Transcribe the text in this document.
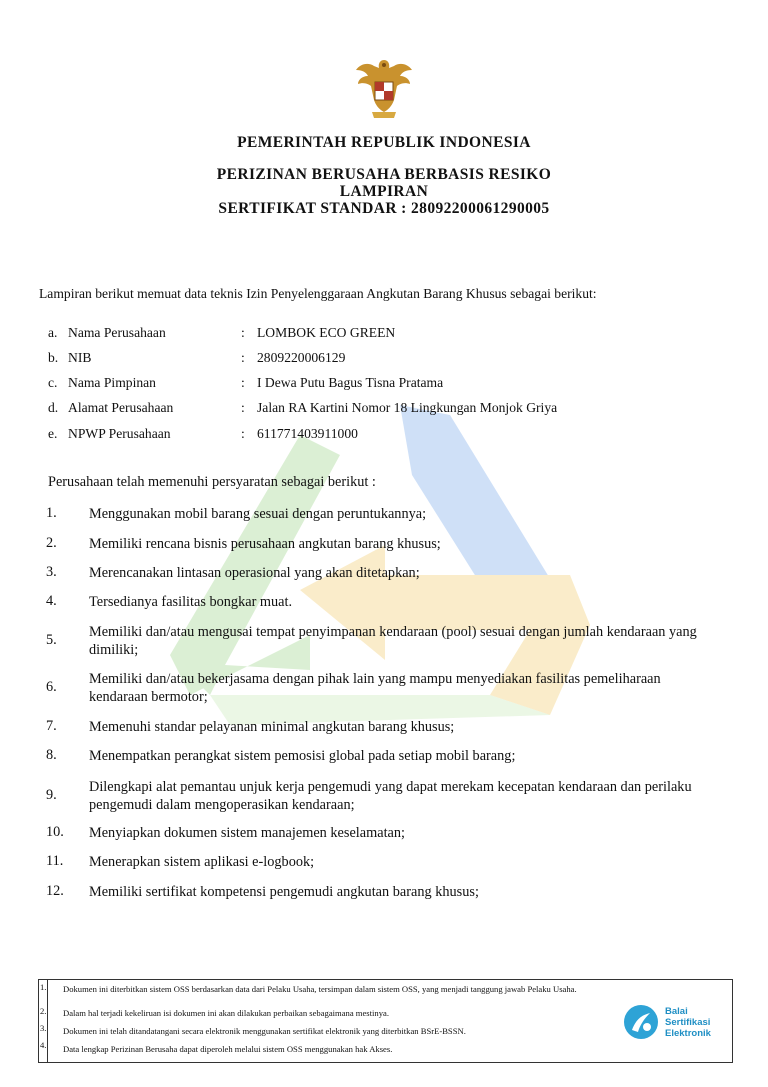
PEMERINTAH REPUBLIK INDONESIA
PERIZINAN BERUSAHA BERBASIS RESIKO
LAMPIRAN
SERTIFIKAT STANDAR : 28092200061290005
Lampiran berikut memuat data teknis Izin Penyelenggaraan Angkutan Barang Khusus sebagai berikut:
a. Nama Perusahaan	: LOMBOK ECO GREEN
b. NIB	: 2809220006129
c. Nama Pimpinan	: I Dewa Putu Bagus Tisna Pratama
d. Alamat Perusahaan	: Jalan RA Kartini Nomor 18 Lingkungan Monjok Griya
e. NPWP Perusahaan	: 611771403911000
Perusahaan telah memenuhi persyaratan sebagai berikut :
1. Menggunakan mobil barang sesuai dengan peruntukannya;
2. Memiliki rencana bisnis perusahaan angkutan barang khusus;
3. Merencanakan lintasan operasional yang akan ditetapkan;
4. Tersedianya fasilitas bongkar muat.
5. Memiliki dan/atau mengusai tempat penyimpanan kendaraan (pool) sesuai dengan jumlah kendaraan yang dimiliki;
6. Memiliki dan/atau bekerjasama dengan pihak lain yang mampu menyediakan fasilitas pemeliharaan kendaraan bermotor;
7. Memenuhi standar pelayanan minimal angkutan barang khusus;
8. Menempatkan perangkat sistem pemosisi global pada setiap mobil barang;
9. Dilengkapi alat pemantau unjuk kerja pengemudi yang dapat merekam kecepatan kendaraan dan perilaku pengemudi dalam mengoperasikan kendaraan;
10. Menyiapkan dokumen sistem manajemen keselamatan;
11. Menerapkan sistem aplikasi e-logbook;
12. Memiliki sertifikat kompetensi pengemudi angkutan barang khusus;
1. Dokumen ini diterbitkan sistem OSS berdasarkan data dari Pelaku Usaha, tersimpan dalam sistem OSS, yang menjadi tanggung jawab Pelaku Usaha.
2. Dalam hal terjadi kekeliruan isi dokumen ini akan dilakukan perbaikan sebagaimana mestinya.
3. Dokumen ini telah ditandatangani secara elektronik menggunakan sertifikat elektronik yang diterbitkan BSrE-BSSN.
4. Data lengkap Perizinan Berusaha dapat diperoleh melalui sistem OSS menggunakan hak Akses.
Balai
Sertifikasi
Elektronik
